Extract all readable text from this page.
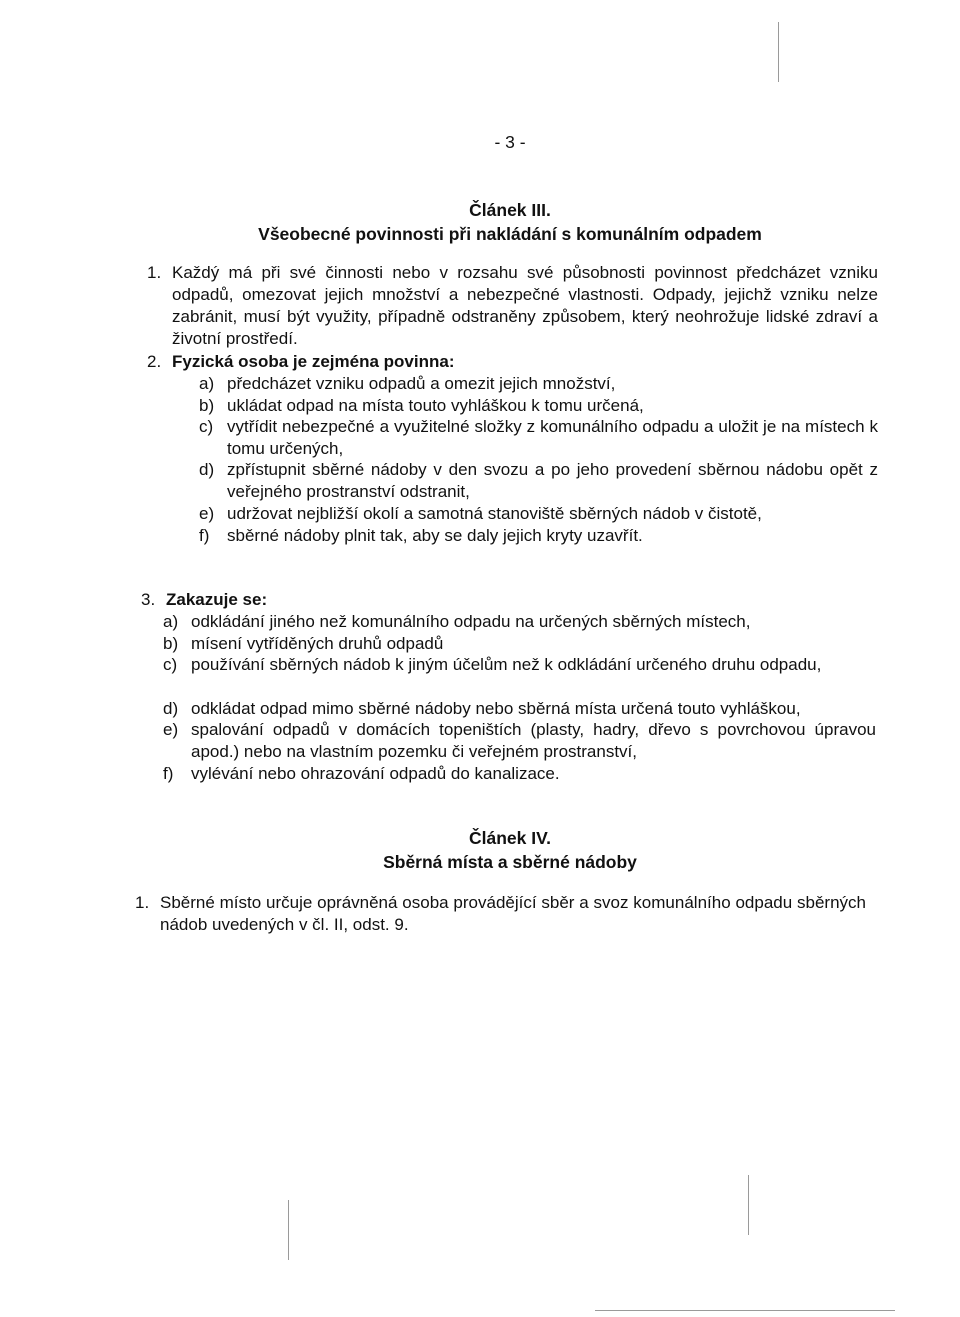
- 3 -
Článek III.
Všeobecné povinnosti při nakládání s komunálním odpadem
1. Každý má při své činnosti nebo v rozsahu své působnosti povinnost předcházet vzniku odpadů, omezovat jejich množství a nebezpečné vlastnosti. Odpady, jejichž vzniku nelze zabránit, musí být využity, případně odstraněny způsobem, který neohrožuje lidské zdraví a životní prostředí.
2. Fyzická osoba je zejména povinna:
a) předcházet vzniku odpadů a omezit jejich množství,
b) ukládat odpad na místa touto vyhláškou k tomu určená,
c) vytřídit nebezpečné a využitelné složky z komunálního odpadu a uložit je na místech k tomu určených,
d) zpřístupnit sběrné nádoby v den svozu a po jeho provedení sběrnou nádobu opět z veřejného prostranství odstranit,
e) udržovat nejbližší okolí a samotná stanoviště sběrných nádob v čistotě,
f) sběrné nádoby plnit tak, aby se daly jejich kryty uzavřít.
3. Zakazuje se:
a) odkládání jiného než komunálního odpadu na určených sběrných místech,
b) mísení vytříděných druhů odpadů
c) používání sběrných nádob k jiným účelům než k odkládání určeného druhu odpadu,
d) odkládat odpad mimo sběrné nádoby nebo sběrná místa určená touto vyhláškou,
e) spalování odpadů v domácích topeništích (plasty, hadry, dřevo s povrchovou úpravou apod.) nebo na vlastním pozemku či veřejném prostranství,
f) vylévání nebo ohrazování odpadů do kanalizace.
Článek IV.
Sběrná místa a sběrné nádoby
1. Sběrné místo určuje oprávněná osoba provádějící sběr a svoz komunálního odpadu sběrných nádob uvedených v čl. II, odst. 9.
